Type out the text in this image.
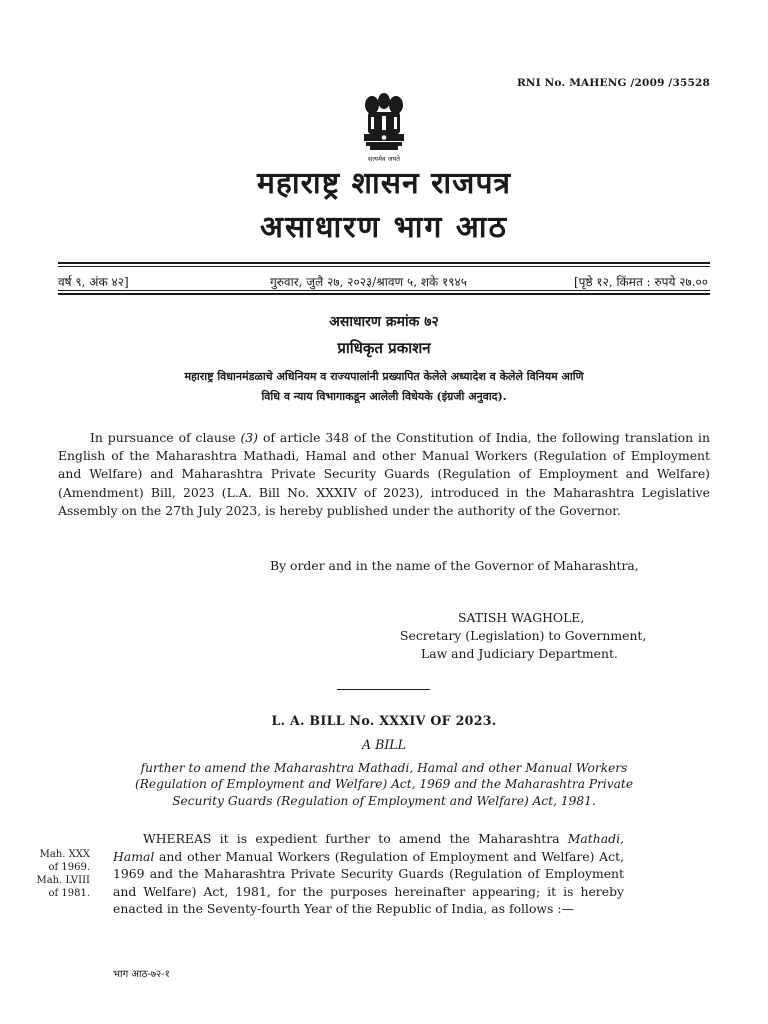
RNI No. MAHENG /2009 /35528
सत्यमेव जयते
महाराष्ट्र शासन राजपत्र
असाधारण भाग आठ
वर्ष ९, अंक ४२]	गुरुवार, जुलै २७, २०२३/श्रावण ५, शके १९४५	[पृष्ठे १२, किंमत : रुपये २७.००
असाधारण क्रमांक ७२
प्राधिकृत प्रकाशन
महाराष्ट्र विधानमंडळाचे अधिनियम व राज्यपालांनी प्रख्यापित केलेले अध्यादेश व केलेले विनियम आणि
विधि व न्याय विभागाकडून आलेली विधेयके (इंग्रजी अनुवाद).
In pursuance of clause (3) of article 348 of the Constitution of India, the following translation in English of the Maharashtra Mathadi, Hamal and other Manual Workers (Regulation of Employment and Welfare) and Maharashtra Private Security Guards (Regulation of Employment and Welfare) (Amendment) Bill, 2023 (L.A. Bill No. XXXIV of 2023), introduced in the Maharashtra Legislative Assembly on the 27th July 2023, is hereby published under the authority of the Governor.
By order and in the name of the Governor of Maharashtra,
SATISH WAGHOLE,
Secretary (Legislation) to Government,
Law and Judiciary Department.
L. A. BILL No. XXXIV OF 2023.
A BILL
further to amend the Maharashtra Mathadi, Hamal and other Manual Workers (Regulation of Employment and Welfare) Act, 1969 and the Maharashtra Private Security Guards (Regulation of Employment and Welfare) Act, 1981.
Mah. XXX
of 1969.
Mah. LVIII
of 1981.
WHEREAS it is expedient further to amend the Maharashtra Mathadi, Hamal and other Manual Workers (Regulation of Employment and Welfare) Act, 1969 and the Maharashtra Private Security Guards (Regulation of Employment and Welfare) Act, 1981, for the purposes hereinafter appearing; it is hereby enacted in the Seventy-fourth Year of the Republic of India, as follows :—
भाग आठ-७२-१
